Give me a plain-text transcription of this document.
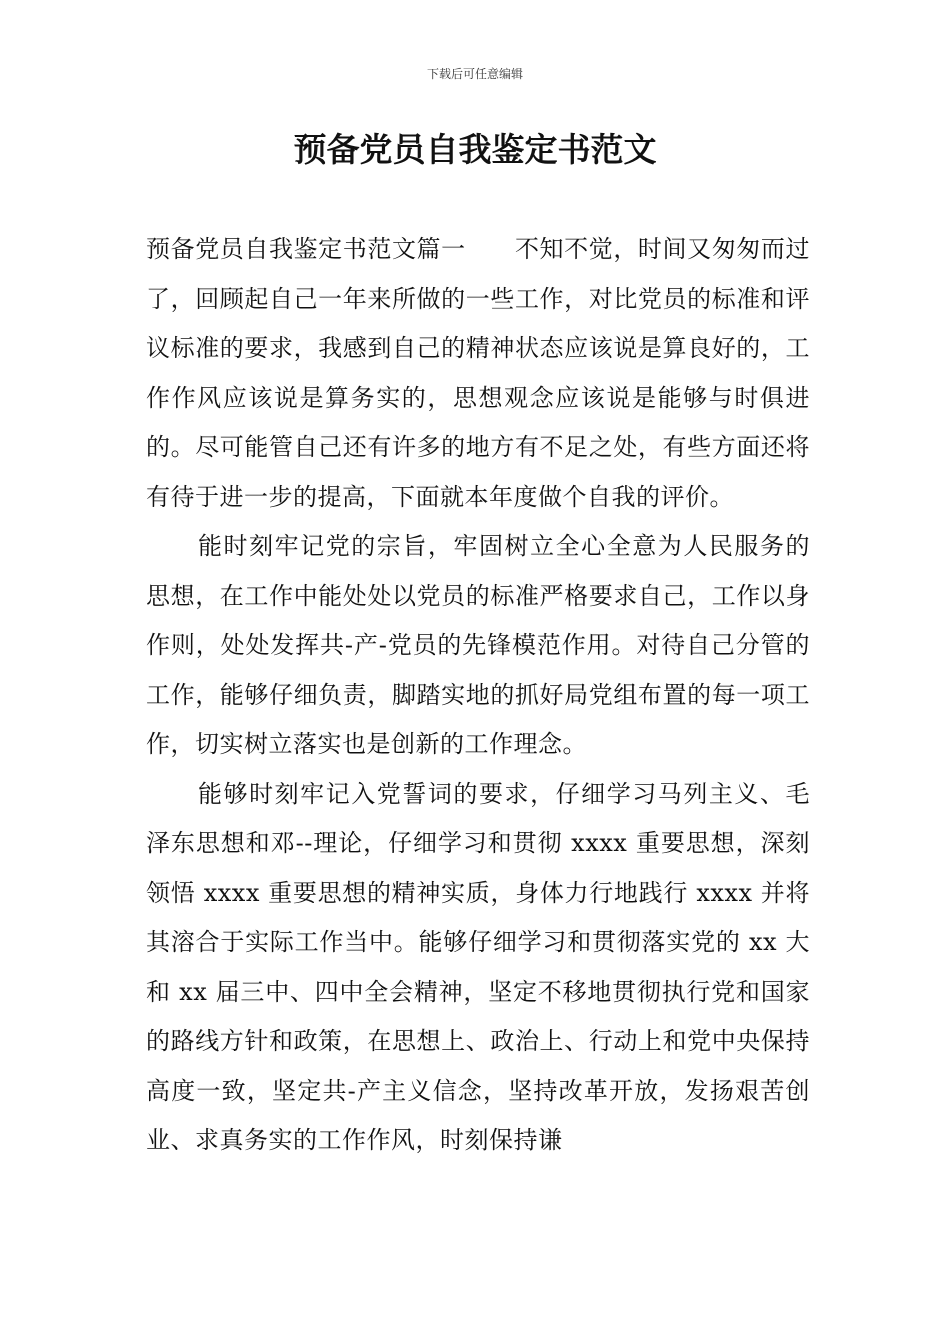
下载后可任意编辑
预备党员自我鉴定书范文

预备党员自我鉴定书范文篇一　　不知不觉，时间又匆匆而过了，回顾起自己一年来所做的一些工作，对比党员的标准和评议标准的要求，我感到自己的精神状态应该说是算良好的，工作作风应该说是算务实的，思想观念应该说是能够与时俱进的。尽可能管自己还有许多的地方有不足之处，有些方面还将有待于进一步的提高，下面就本年度做个自我的评价。

能时刻牢记党的宗旨，牢固树立全心全意为人民服务的思想，在工作中能处处以党员的标准严格要求自己，工作以身作则，处处发挥共-产-党员的先锋模范作用。对待自己分管的工作，能够仔细负责，脚踏实地的抓好局党组布置的每一项工作，切实树立落实也是创新的工作理念。

能够时刻牢记入党誓词的要求，仔细学习马列主义、毛泽东思想和邓--理论，仔细学习和贯彻 xxxx 重要思想，深刻领悟 xxxx 重要思想的精神实质，身体力行地践行 xxxx 并将其溶合于实际工作当中。能够仔细学习和贯彻落实党的 xx 大和 xx 届三中、四中全会精神，坚定不移地贯彻执行党和国家的路线方针和政策，在思想上、政治上、行动上和党中央保持　高度一致，坚定共-产主义信念，坚持改革开放，发扬艰苦创业、求真务实的工作作风，时刻保持谦
